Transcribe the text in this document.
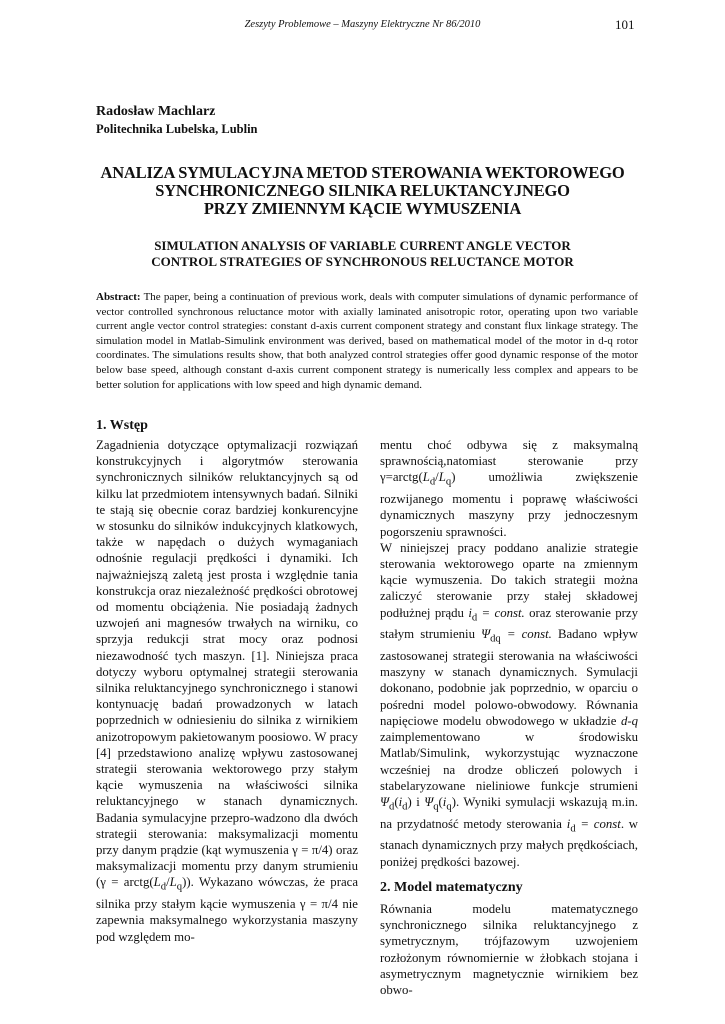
Zeszyty Problemowe – Maszyny Elektryczne Nr 86/2010	101
Radosław Machlarz
Politechnika Lubelska, Lublin
ANALIZA SYMULACYJNA METOD STEROWANIA WEKTOROWEGO
SYNCHRONICZNEGO SILNIKA RELUKTANCYJNEGO
PRZY ZMIENNYM KĄCIE WYMUSZENIA
SIMULATION ANALYSIS OF VARIABLE CURRENT ANGLE VECTOR
CONTROL STRATEGIES OF SYNCHRONOUS RELUCTANCE MOTOR
Abstract: The paper, being a continuation of previous work, deals with computer simulations of dynamic performance of vector controlled synchronous reluctance motor with axially laminated anisotropic rotor, operating upon two variable current angle vector control strategies: constant d-axis current component strategy and constant flux linkage strategy. The simulation model in Matlab-Simulink environment was derived, based on mathematical model of the motor in d-q rotor coordinates. The simulations results show, that both analyzed control strategies offer good dynamic response of the motor below base speed, although constant d-axis current component strategy is numerically less complex and appears to be better solution for applications with low speed and high dynamic demand.
1. Wstęp

Zagadnienia dotyczące optymalizacji rozwiązań konstrukcyjnych i algorytmów sterowania synchronicznych silników reluktancyjnych są od kilku lat przedmiotem intensywnych badań. Silniki te stają się obecnie coraz bardziej konkurencyjne w stosunku do silników indukcyjnych klatkowych, także w napędach o dużych wymaganiach odnośnie regulacji prędkości i dynamiki. Ich najważniejszą zaletą jest prosta i względnie tania konstrukcja oraz niezależność prędkości obrotowej od momentu obciążenia. Nie posiadają żadnych uzwojeń ani magnesów trwałych na wirniku, co sprzyja redukcji strat mocy oraz podnosi niezawodność tych maszyn. [1]. Niniejsza praca dotyczy wyboru optymalnej strategii sterowania silnika reluktancyjnego synchronicznego i stanowi kontynuację badań prowadzonych w latach poprzednich w odniesieniu do silnika z wirnikiem anizotropowym pakietowanym poosiowo. W pracy [4] przedstawiono analizę wpływu zastosowanej strategii sterowania wektorowego przy stałym kącie wymuszenia na właściwości silnika reluktancyjnego w stanach dynamicznych. Badania symulacyjne przepro-wadzono dla dwóch strategii sterowania: maksymalizacji momentu przy danym prądzie (kąt wymuszenia γ = π/4) oraz maksymalizacji momentu przy danym strumieniu $(\gamma = arctg(L_d/L_q))$. Wykazano wówczas, że praca silnika przy stałym kącie wymuszenia γ = π/4 nie zapewnia maksymalnego wykorzystania maszyny pod względem mo-

mentu choć odbywa się z maksymalną sprawnością,natomiast sterowanie przy $\gamma=arctg(L_d/L_q)$ umożliwia zwiększenie rozwijanego momentu i poprawę właściwości dynamicznych maszyny przy jednoczesnym pogorszeniu sprawności.

W niniejszej pracy poddano analizie strategie sterowania wektorowego oparte na zmiennym kącie wymuszenia. Do takich strategii można zaliczyć sterowanie przy stałej składowej podłużnej prądu $i_d$ = const. oraz sterowanie przy stałym strumieniu $\Psi_{dq}$ = const. Badano wpływ zastosowanej strategii sterowania na właściwości maszyny w stanach dynamicznych. Symulacji dokonano, podobnie jak poprzednio, w oparciu o pośredni model polowo-obwodowy. Równania napięciowe modelu obwodowego w układzie d-q zaimplementowano w środowisku Matlab/Simulink, wykorzystując wyznaczone wcześniej na drodze obliczeń polowych i stabelaryzowane nieliniowe funkcje strumieni $\Psi_d(i_d)$ i $\Psi_q(i_q)$. Wyniki symulacji wskazują m.in. na przydatność metody sterowania $i_d$ = const. w stanach dynamicznych przy małych prędkościach, poniżej prędkości bazowej.

2. Model matematyczny

Równania modelu matematycznego synchronicznego silnika reluktancyjnego z symetrycznym, trójfazowym uzwojeniem rozłożonym równomiernie w żłobkach stojana i asymetrycznym magnetycznie wirnikiem bez obwo-
